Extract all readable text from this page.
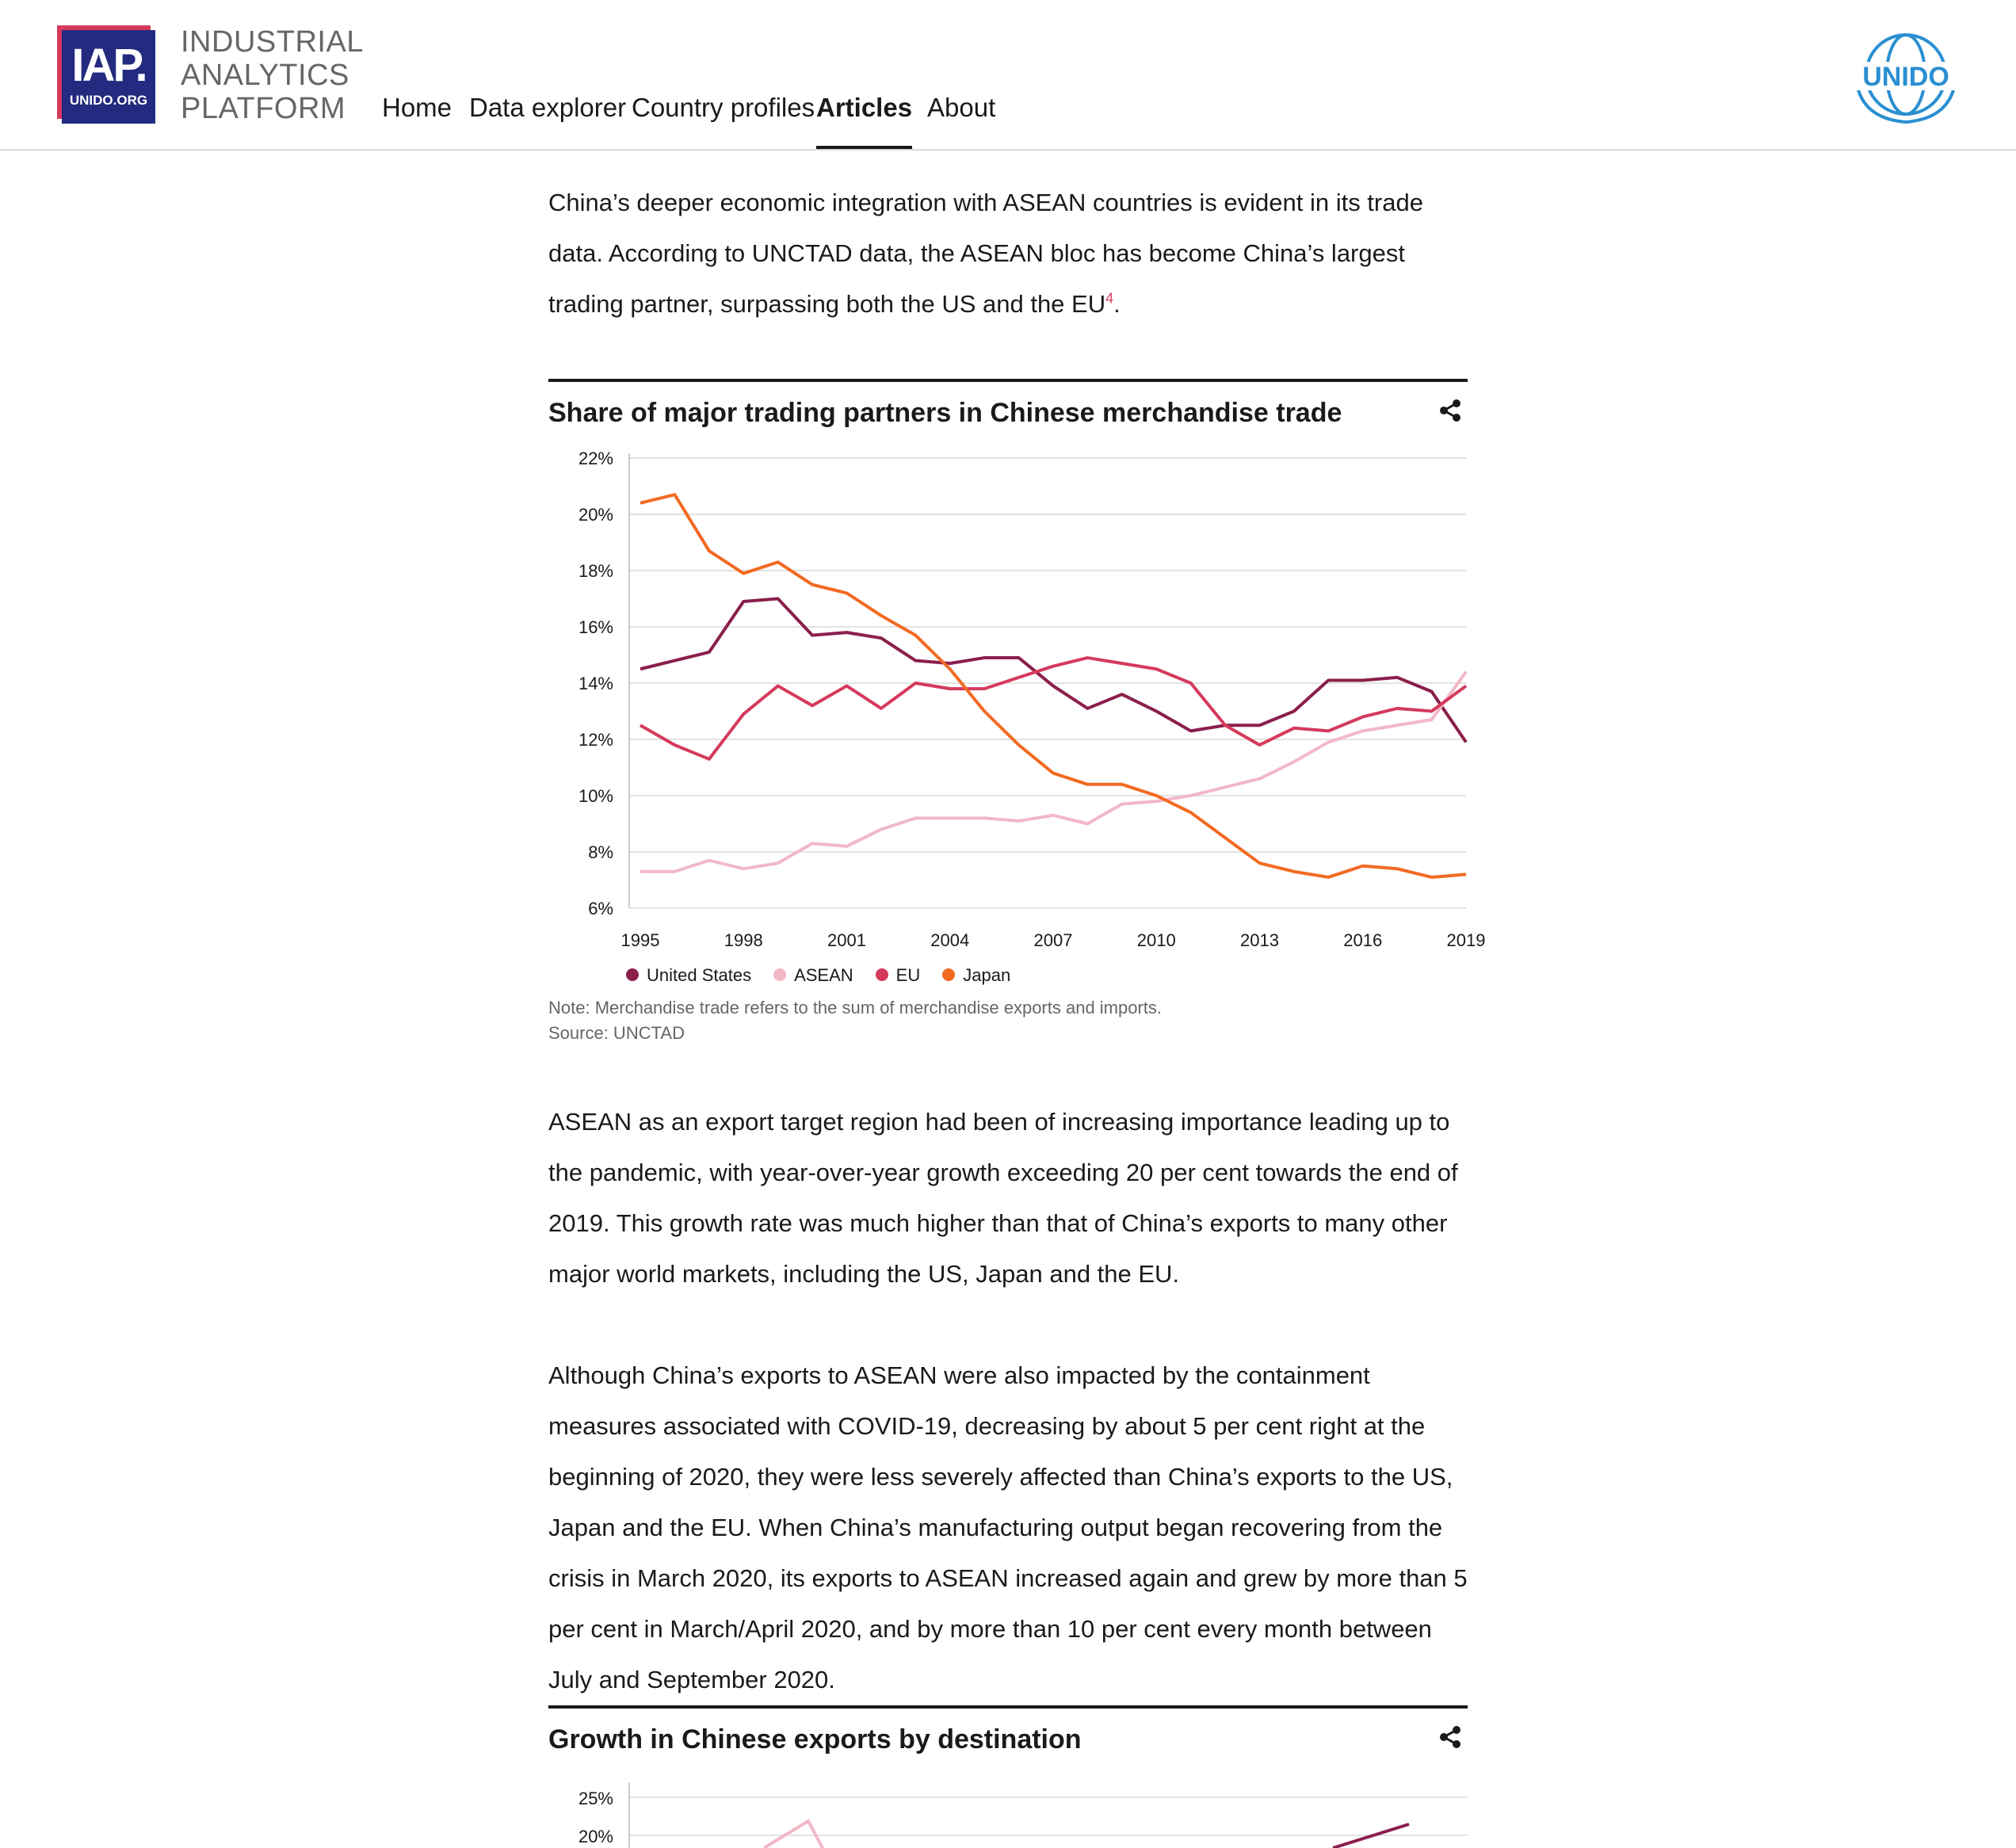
IAP.
UNIDO.ORG
INDUSTRIAL
ANALYTICS
PLATFORM	Home Data explorer Country profiles Articles About
UNIDO
China’s deeper economic integration with ASEAN countries is evident in its trade data. According to UNCTAD data, the ASEAN bloc has become China’s largest trading partner, surpassing both the US and the $EU^4$.
Share of major trading partners in Chinese merchandise trade
6%
8%
10%
12%
14%
16%
18%
20%
22%
1995	1998	2001	2004	2007	2010	2013	2016	2019
United States ASEAN EU Japan
Note: Merchandise trade refers to the sum of merchandise exports and imports.
Source: UNCTAD
ASEAN as an export target region had been of increasing importance leading up to the pandemic, with year-over-year growth exceeding 20 per cent towards the end of 2019. This growth rate was much higher than that of China’s exports to many other major world markets, including the US, Japan and the EU.
Although China’s exports to ASEAN were also impacted by the containment measures associated with COVID-19, decreasing by about 5 per cent right at the beginning of 2020, they were less severely affected than China’s exports to the US, Japan and the EU. When China’s manufacturing output began recovering from the crisis in March 2020, its exports to ASEAN increased again and grew by more than 5 per cent in March/April 2020, and by more than 10 per cent every month between July and September 2020.
Growth in Chinese exports by destination
25%
20%
